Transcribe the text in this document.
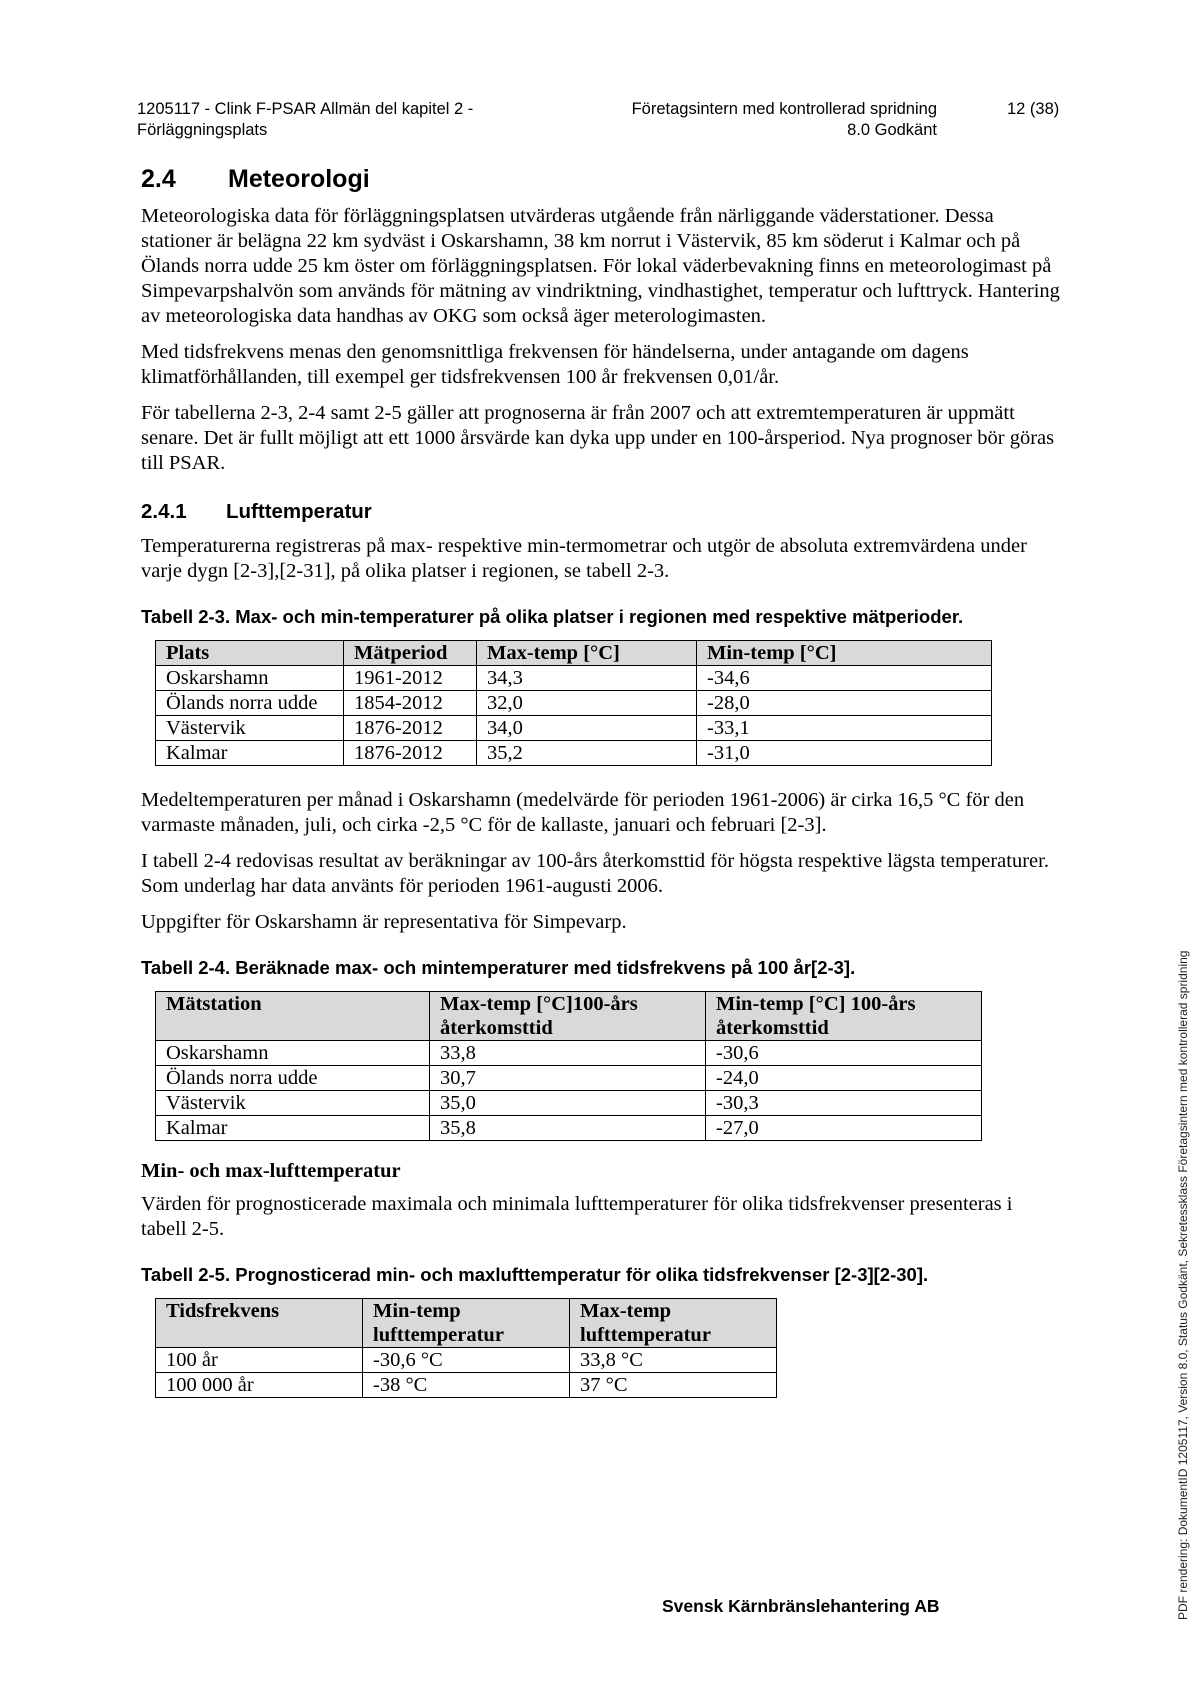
1205117 - Clink F-PSAR Allmän del kapitel 2 - Förläggningsplats
Företagsintern med kontrollerad spridning
8.0 Godkänt
12 (38)
2.4 Meteorologi

Meteorologiska data för förläggningsplatsen utvärderas utgående från närliggande väderstationer. Dessa stationer är belägna 22 km sydväst i Oskarshamn, 38 km norrut i Västervik, 85 km söderut i Kalmar och på Ölands norra udde 25 km öster om förläggningsplatsen. För lokal väderbevakning finns en meteorologimast på Simpevarpshalvön som används för mätning av vindriktning, vindhastighet, temperatur och lufttryck. Hantering av meteorologiska data handhas av OKG som också äger meterologimasten.

Med tidsfrekvens menas den genomsnittliga frekvensen för händelserna, under antagande om dagens klimatförhållanden, till exempel ger tidsfrekvensen 100 år frekvensen 0,01/år.

För tabellerna 2-3, 2-4 samt 2-5 gäller att prognoserna är från 2007 och att extremtemperaturen är uppmätt senare. Det är fullt möjligt att ett 1000 årsvärde kan dyka upp under en 100-årsperiod. Nya prognoser bör göras till PSAR.

2.4.1 Lufttemperatur

Temperaturerna registreras på max- respektive min-termometrar och utgör de absoluta extremvärdena under varje dygn [2-3],[2-31], på olika platser i regionen, se tabell 2-3.

Tabell 2-3. Max- och min-temperaturer på olika platser i regionen med respektive mätperioder.
Plats	Mätperiod	Max-temp [°C]	Min-temp [°C]
Oskarshamn	1961-2012	34,3	-34,6
Ölands norra udde	1854-2012	32,0	-28,0
Västervik	1876-2012	34,0	-33,1
Kalmar	1876-2012	35,2	-31,0

Medeltemperaturen per månad i Oskarshamn (medelvärde för perioden 1961-2006) är cirka 16,5 °C för den varmaste månaden, juli, och cirka -2,5 °C för de kallaste, januari och februari [2-3].

I tabell 2-4 redovisas resultat av beräkningar av 100-års återkomsttid för högsta respektive lägsta temperaturer. Som underlag har data använts för perioden 1961-augusti 2006.

Uppgifter för Oskarshamn är representativa för Simpevarp.

Tabell 2-4. Beräknade max- och mintemperaturer med tidsfrekvens på 100 år[2-3].
Mätstation	Max-temp [°C]100-års återkomsttid	Min-temp [°C] 100-års återkomsttid
Oskarshamn	33,8	-30,6
Ölands norra udde	30,7	-24,0
Västervik	35,0	-30,3
Kalmar	35,8	-27,0
Min- och max-lufttemperatur

Värden för prognosticerade maximala och minimala lufttemperaturer för olika tidsfrekvenser presenteras i tabell 2-5.

Tabell 2-5. Prognosticerad min- och maxlufttemperatur för olika tidsfrekvenser [2-3][2-30].
Tidsfrekvens	Min-temp lufttemperatur	Max-temp lufttemperatur
100 år	-30,6 °C	33,8 °C
100 000 år	-38 °C	37 °C
Svensk Kärnbränslehantering AB	PDF rendering: DokumentID 1205117, Version 8.0, Status Godkänt, Sekretessklass Företagsintern med kontrollerad spridning
